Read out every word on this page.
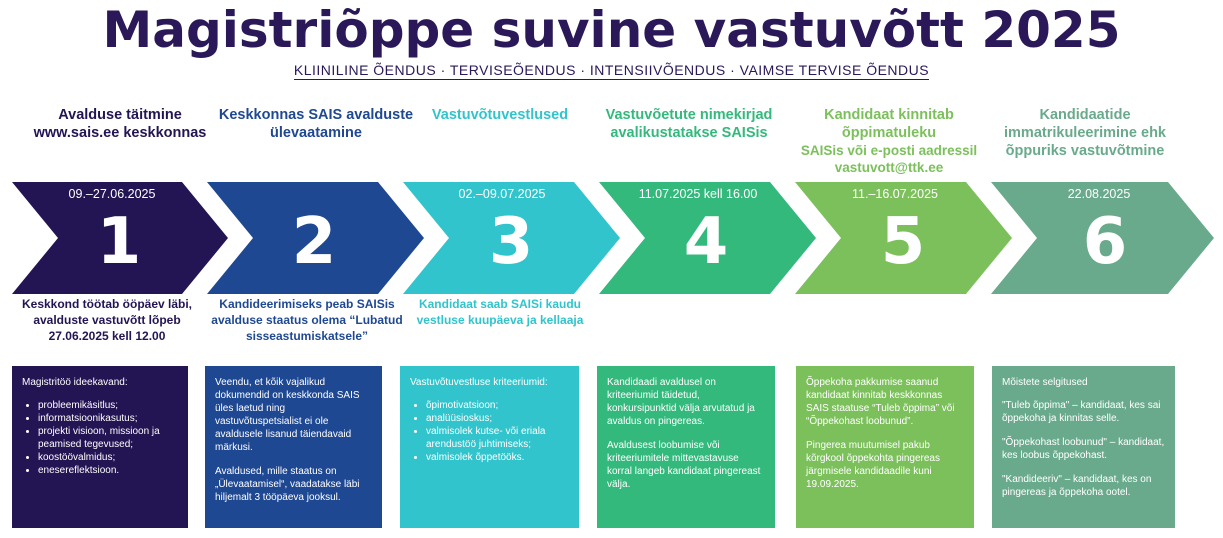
Magistriõppe suvine vastuvõtt 2025
KLIINILINE ÕENDUS · TERVISEÕENDUS · INTENSIIVÕENDUS · VAIMSE TERVISE ÕENDUS
Avalduse täitmine www.sais.ee keskkonnas
Keskkonnas SAIS avalduste ülevaatamine
Vastuvõtuvestlused	Vastuvõetute nimekirjad avalikustatakse SAISis
Kandidaat kinnitab õppimatuleku
SAISis või e-posti aadressil vastuvott@ttk.ee
Kandidaatide immatrikuleerimine ehk õppuriks vastuvõtmine
09.–27.06.2025	02.–09.07.2025	11.07.2025 kell 16.00	11.–16.07.2025	22.08.2025
1	2	3	4	5	6
Keskkond töötab ööpäev läbi, avalduste vastuvõtt lõpeb 27.06.2025 kell 12.00
Kandideerimiseks peab SAISis avalduse staatus olema “Lubatud sisseastumiskatsele”
Kandidaat saab SAISi kaudu vestluse kuupäeva ja kellaaja

Magistritöö ideekavand:

• probleemikäsitlus;
• informatsioonikasutus;
• projekti visioon, missioon ja peamised tegevused;
• koostöövalmidus;
• enesereflektsioon.

Veendu, et kõik vajalikud dokumendid on keskkonda SAIS üles laetud ning vastuvõtuspetsialist ei ole avaldusele lisanud täiendavaid märkusi.

Avaldused, mille staatus on „Ülevaatamisel“, vaadatakse läbi hiljemalt 3 tööpäeva jooksul.

Vastuvõtuvestluse kriteeriumid:

• õpimotivatsioon;
• analüüsioskus;
• valmisolek kutse- või eriala arendustöö juhtimiseks;
• valmisolek õppetööks.

Kandidaadi avaldusel on kriteeriumid täidetud, konkursipunktid välja arvutatud ja avaldus on pingereas.

Avaldusest loobumise või kriteeriumitele mittevastavuse korral langeb kandidaat pingereast välja.

Õppekoha pakkumise saanud kandidaat kinnitab keskkonnas SAIS staatuse “Tuleb õppima” või “Õppekohast loobunud”.

Pingerea muutumisel pakub kõrgkool õppekohta pingereas järgmisele kandidaadile kuni 19.09.2025.

Mõistete selgitused

"Tuleb õppima" – kandidaat, kes sai õppekoha ja kinnitas selle.

"Õppekohast loobunud" – kandidaat, kes loobus õppekohast.

"Kandideeriv" – kandidaat, kes on pingereas ja õppekoha ootel.
